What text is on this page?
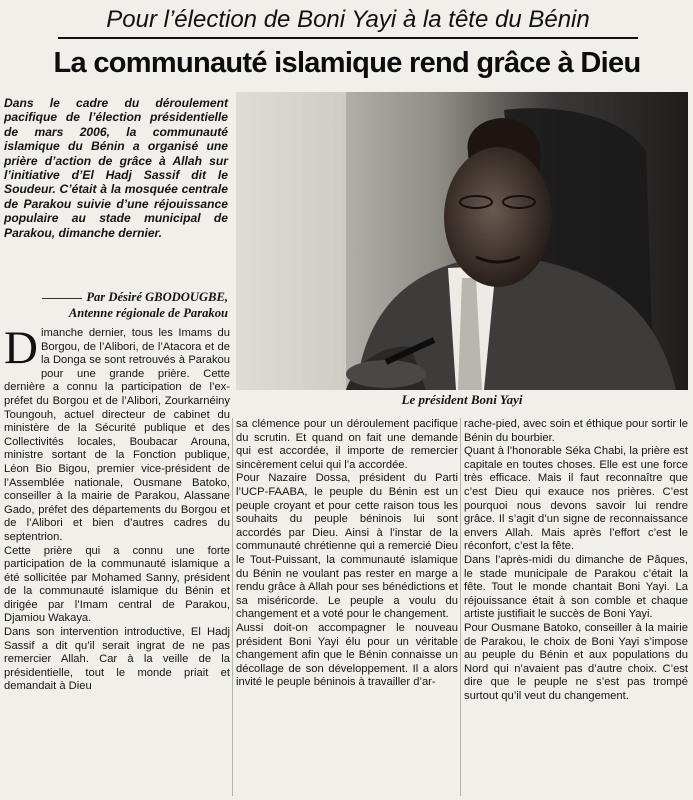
Pour l’élection de Boni Yayi à la tête du Bénin
La communauté islamique rend grâce à Dieu

Dans le cadre du déroulement pacifique de l’élection présidentielle de mars 2006, la communauté islamique du Bénin a organisé une prière d’action de grâce à Allah sur l’initiative d’El Hadj Sassif dit le Soudeur. C’était à la mosquée centrale de Parakou suivie d’une réjouissance populaire au stade municipal de Parakou, dimanche dernier.

Par Désiré GBODOUGBE,
Antenne régionale de Parakou
Le président Boni Yayi

Dimanche dernier, tous les Imams du Borgou, de l’Alibori, de l’Atacora et de la Donga se sont retrouvés à Parakou pour une grande prière. Cette dernière a connu la participation de l’ex-préfet du Borgou et de l’Alibori, Zourkarnéiny Toungouh, actuel directeur de cabinet du ministère de la Sécurité publique et des Collectivités locales, Boubacar Arouna, ministre sortant de la Fonction publique, Léon Bio Bigou, premier vice-président de l’Assemblée nationale, Ousmane Batoko, conseiller à la mairie de Parakou, Alassane Gado, préfet des départements du Borgou et de l’Alibori et bien d’autres cadres du septentrion.

Cette prière qui a connu une forte participation de la communauté islamique a été sollicitée par Mohamed Sanny, président de la communauté islamique du Bénin et dirigée par l’Imam central de Parakou, Djamiou Wakaya.

Dans son intervention introductive, El Hadj Sassif a dit qu’il serait ingrat de ne pas remercier Allah. Car à la veille de la présidentielle, tout le monde priait et demandait à Dieu

sa clémence pour un déroulement pacifique du scrutin. Et quand on fait une demande qui est accordée, il importe de remercier sincèrement celui qui l’a accordée.

Pour Nazaire Dossa, président du Parti l’UCP-FAABA, le peuple du Bénin est un peuple croyant et pour cette raison tous les souhaits du peuple béninois lui sont accordés par Dieu. Ainsi à l’instar de la communauté chrétienne qui a remercié Dieu le Tout-Puissant, la communauté islamique du Bénin ne voulant pas rester en marge a rendu grâce à Allah pour ses bénédictions et sa miséricorde. Le peuple a voulu du changement et a voté pour le changement.

Aussi doit-on accompagner le nouveau président Boni Yayi élu pour un véritable changement afin que le Bénin connaisse un décollage de son développement. Il a alors invité le peuple béninois à travailler d’ar-

rache-pied, avec soin et éthique pour sortir le Bénin du bourbier.

Quant à l’honorable Séka Chabi, la prière est capitale en toutes choses. Elle est une force très efficace. Mais il faut reconnaître que c’est Dieu qui exauce nos prières. C’est pourquoi nous devons savoir lui rendre grâce. Il s’agit d’un signe de reconnaissance envers Allah. Mais après l’effort c’est le réconfort, c’est la fête.

Dans l’après-midi du dimanche de Pâques, le stade municipale de Parakou c’était la fête. Tout le monde chantait Boni Yayi. La réjouissance était à son comble et chaque artiste justifiait le succès de Boni Yayi.

Pour Ousmane Batoko, conseiller à la mairie de Parakou, le choix de Boni Yayi s’impose au peuple du Bénin et aux populations du Nord qui n’avaient pas d’autre choix. C’est dire que le peuple ne s’est pas trompé surtout qu’il veut du changement.
